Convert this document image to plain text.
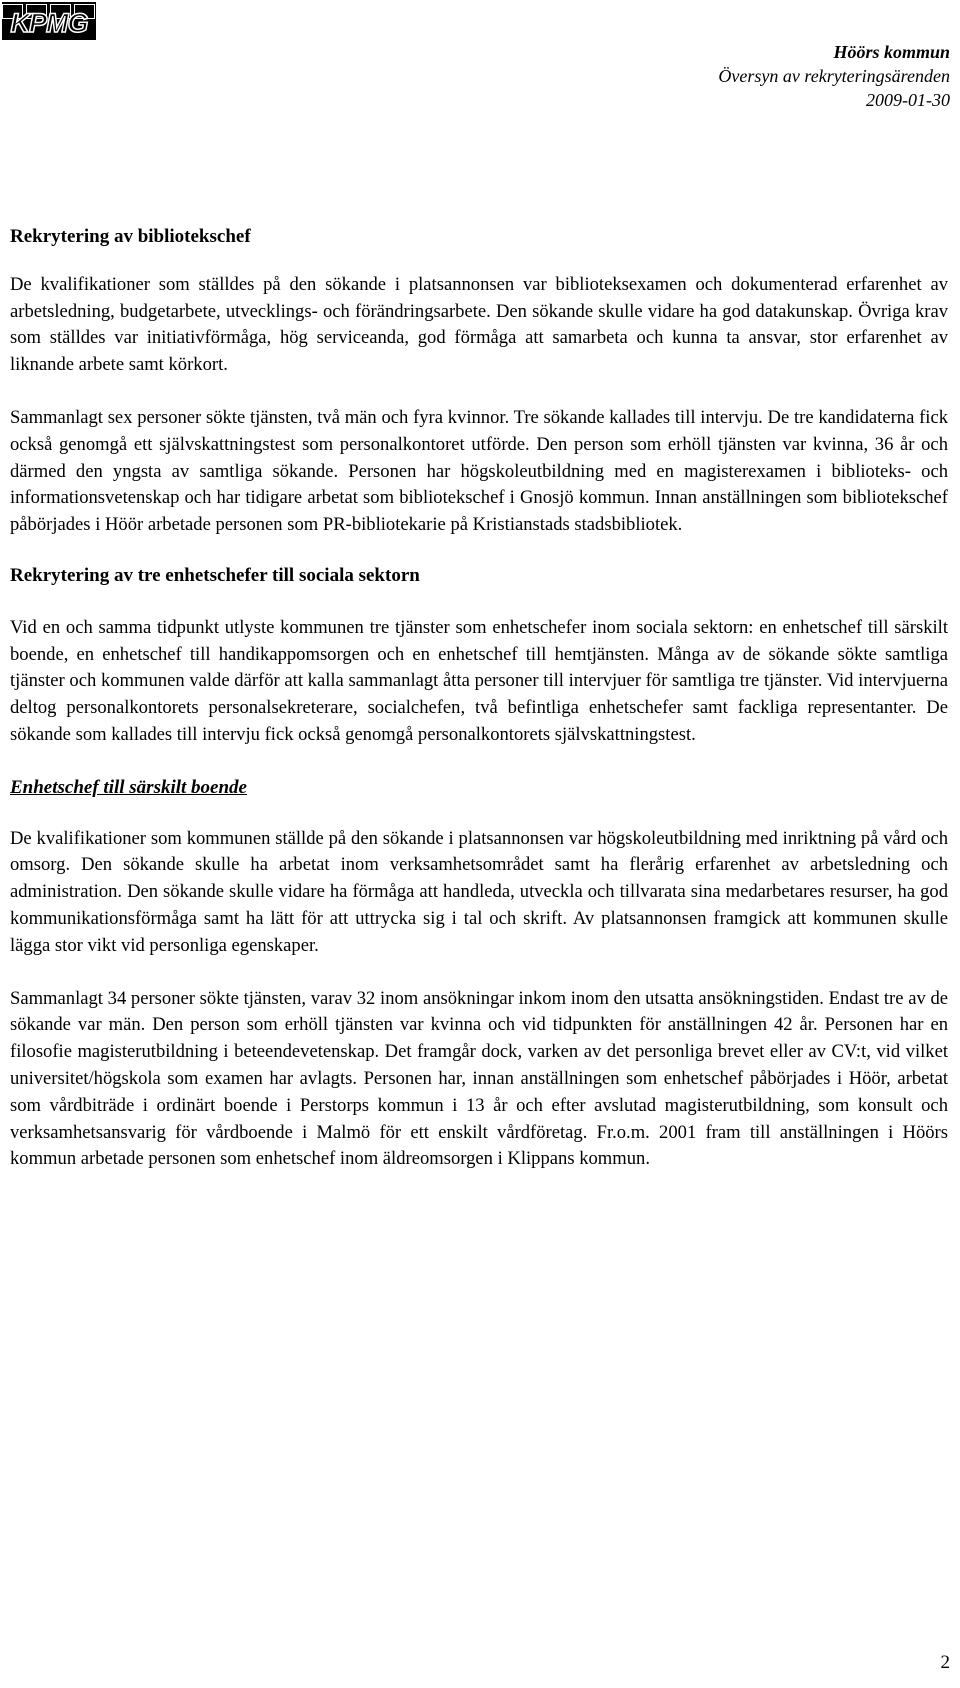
KPMG
Höörs kommun
Översyn av rekryteringsärenden
2009-01-30
Rekrytering av bibliotekschef

De kvalifikationer som ställdes på den sökande i platsannonsen var biblioteksexamen och dokumenterad erfarenhet av arbetsledning, budgetarbete, utvecklings- och förändringsarbete. Den sökande skulle vidare ha god datakunskap. Övriga krav som ställdes var initiativförmåga, hög serviceanda, god förmåga att samarbeta och kunna ta ansvar, stor erfarenhet av liknande arbete samt körkort.

Sammanlagt sex personer sökte tjänsten, två män och fyra kvinnor. Tre sökande kallades till intervju. De tre kandidaterna fick också genomgå ett självskattningstest som personalkontoret utförde. Den person som erhöll tjänsten var kvinna, 36 år och därmed den yngsta av samtliga sökande. Personen har högskoleutbildning med en magisterexamen i biblioteks- och informationsvetenskap och har tidigare arbetat som bibliotekschef i Gnosjö kommun. Innan anställningen som bibliotekschef påbörjades i Höör arbetade personen som PR-bibliotekarie på Kristianstads stadsbibliotek.

Rekrytering av tre enhetschefer till sociala sektorn

Vid en och samma tidpunkt utlyste kommunen tre tjänster som enhetschefer inom sociala sektorn: en enhetschef till särskilt boende, en enhetschef till handikappomsorgen och en enhetschef till hemtjänsten. Många av de sökande sökte samtliga tjänster och kommunen valde därför att kalla sammanlagt åtta personer till intervjuer för samtliga tre tjänster. Vid intervjuerna deltog personalkontorets personalsekreterare, socialchefen, två befintliga enhetschefer samt fackliga representanter. De sökande som kallades till intervju fick också genomgå personalkontorets självskattningstest.

Enhetschef till särskilt boende

De kvalifikationer som kommunen ställde på den sökande i platsannonsen var högskoleutbildning med inriktning på vård och omsorg. Den sökande skulle ha arbetat inom verksamhetsområdet samt ha flerårig erfarenhet av arbetsledning och administration. Den sökande skulle vidare ha förmåga att handleda, utveckla och tillvarata sina medarbetares resurser, ha god kommunikationsförmåga samt ha lätt för att uttrycka sig i tal och skrift. Av platsannonsen framgick att kommunen skulle lägga stor vikt vid personliga egenskaper.

Sammanlagt 34 personer sökte tjänsten, varav 32 inom ansökningar inkom inom den utsatta ansökningstiden. Endast tre av de sökande var män. Den person som erhöll tjänsten var kvinna och vid tidpunkten för anställningen 42 år. Personen har en filosofie magisterutbildning i beteendevetenskap. Det framgår dock, varken av det personliga brevet eller av CV:t, vid vilket universitet/högskola som examen har avlagts. Personen har, innan anställningen som enhetschef påbörjades i Höör, arbetat som vårdbiträde i ordinärt boende i Perstorps kommun i 13 år och efter avslutad magisterutbildning, som konsult och verksamhetsansvarig för vårdboende i Malmö för ett enskilt vårdföretag. Fr.o.m. 2001 fram till anställningen i Höörs kommun arbetade personen som enhetschef inom äldreomsorgen i Klippans kommun.

2
